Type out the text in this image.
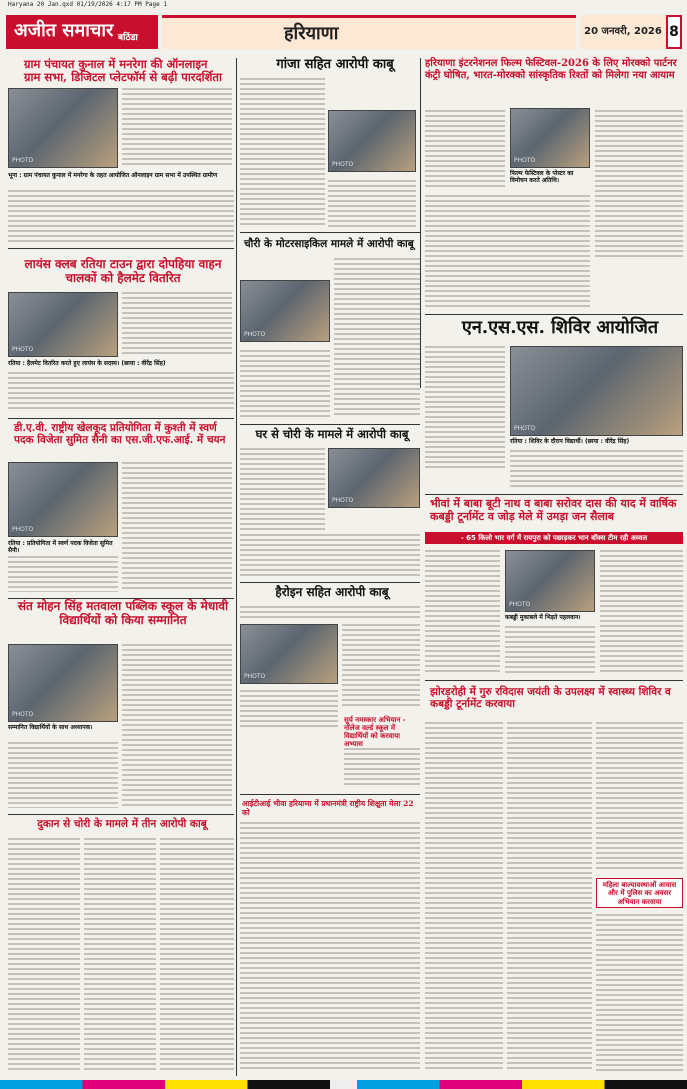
Haryana 20 Jan.qxd 01/19/2026 4:17 PM Page 1
अजीत समाचार बठिंडा	हरियाणा	20 जनवरी, 2026 8
ग्राम पंचायत कुनाल में मनरेगा की ऑनलाइन ग्राम सभा, डिजिटल प्लेटफॉर्म से बढ़ी पारदर्शिता
PHOTO
भूना : ग्राम पंचायत कुनाल में मनरेगा के तहत आयोजित ऑनलाइन ग्राम सभा में उपस्थित ग्रामीण
गांजा सहित आरोपी काबू
PHOTO
हरियाणा इंटरनेशनल फिल्म फेस्टिवल-2026 के लिए मोरक्को पार्टनर कंट्री घोषित, भारत-मोरक्को सांस्कृतिक रिश्तों को मिलेगा नया आयाम
PHOTO
फिल्म फेस्टिवल के पोस्टर का विमोचन करते अतिथि।
लायंस क्लब रतिया टाउन द्वारा दोपहिया वाहन चालकों को हैलमेट वितरित
PHOTO
रतिया : हैलमेट वितरित करते हुए लायंस के सदस्य। (छाया : वीरेंद्र सिंह)
चौरी के मोटरसाइकिल मामले में आरोपी काबू
PHOTO	एन.एस.एस. शिविर आयोजित
PHOTO
रतिया : शिविर के दौरान विद्यार्थी। (छाया : वीरेंद्र सिंह)
डी.ए.वी. राष्ट्रीय खेलकूद प्रतियोगिता में कुश्ती में स्वर्ण पदक विजेता सुमित सैनी का एस.जी.एफ.आई. में चयन
PHOTO
रतिया : प्रतियोगिता में स्वर्ण पदक विजेता सुमित सैनी।
घर से चोरी के मामले में आरोपी काबू
PHOTO	भीवां में बाबा बूटी नाथ व बाबा सरोवर दास की याद में वार्षिक कबड्डी टूर्नामेंट व जोड़ मेले में उमड़ा जन सैलाब
- 65 किलो भार वर्ग में रायपुरा को पछाड़कर भान बॉक्स टीम रही अव्वल
PHOTO
कबड्डी मुकाबले में भिड़ते पहलवान।
हैरोइन सहित आरोपी काबू
PHOTO
सुर्य नमस्कार अभियान - नॉलेज वर्ल्ड स्कूल में विद्यार्थियों को करवाया अभ्यास
संत मोहन सिंह मतवाला पब्लिक स्कूल के मेधावी विद्यार्थियों को किया सम्मानित
PHOTO
सम्मानित विद्यार्थियों के साथ अध्यापक।
आईटीआई भीवा हरियाणा में प्रधानमंत्री राष्ट्रीय शिक्षुता मेला 22 को
झोरड़रोही में गुरु रविदास जयंती के उपलक्ष्य में स्वास्थ्य शिविर व कबड्डी टूर्नामेंट करवाया
महिला बाल्यावस्थाओं आवास और में पुलिस का अवसर अभियान करवाया
दुकान से चोरी के मामले में तीन आरोपी काबू
